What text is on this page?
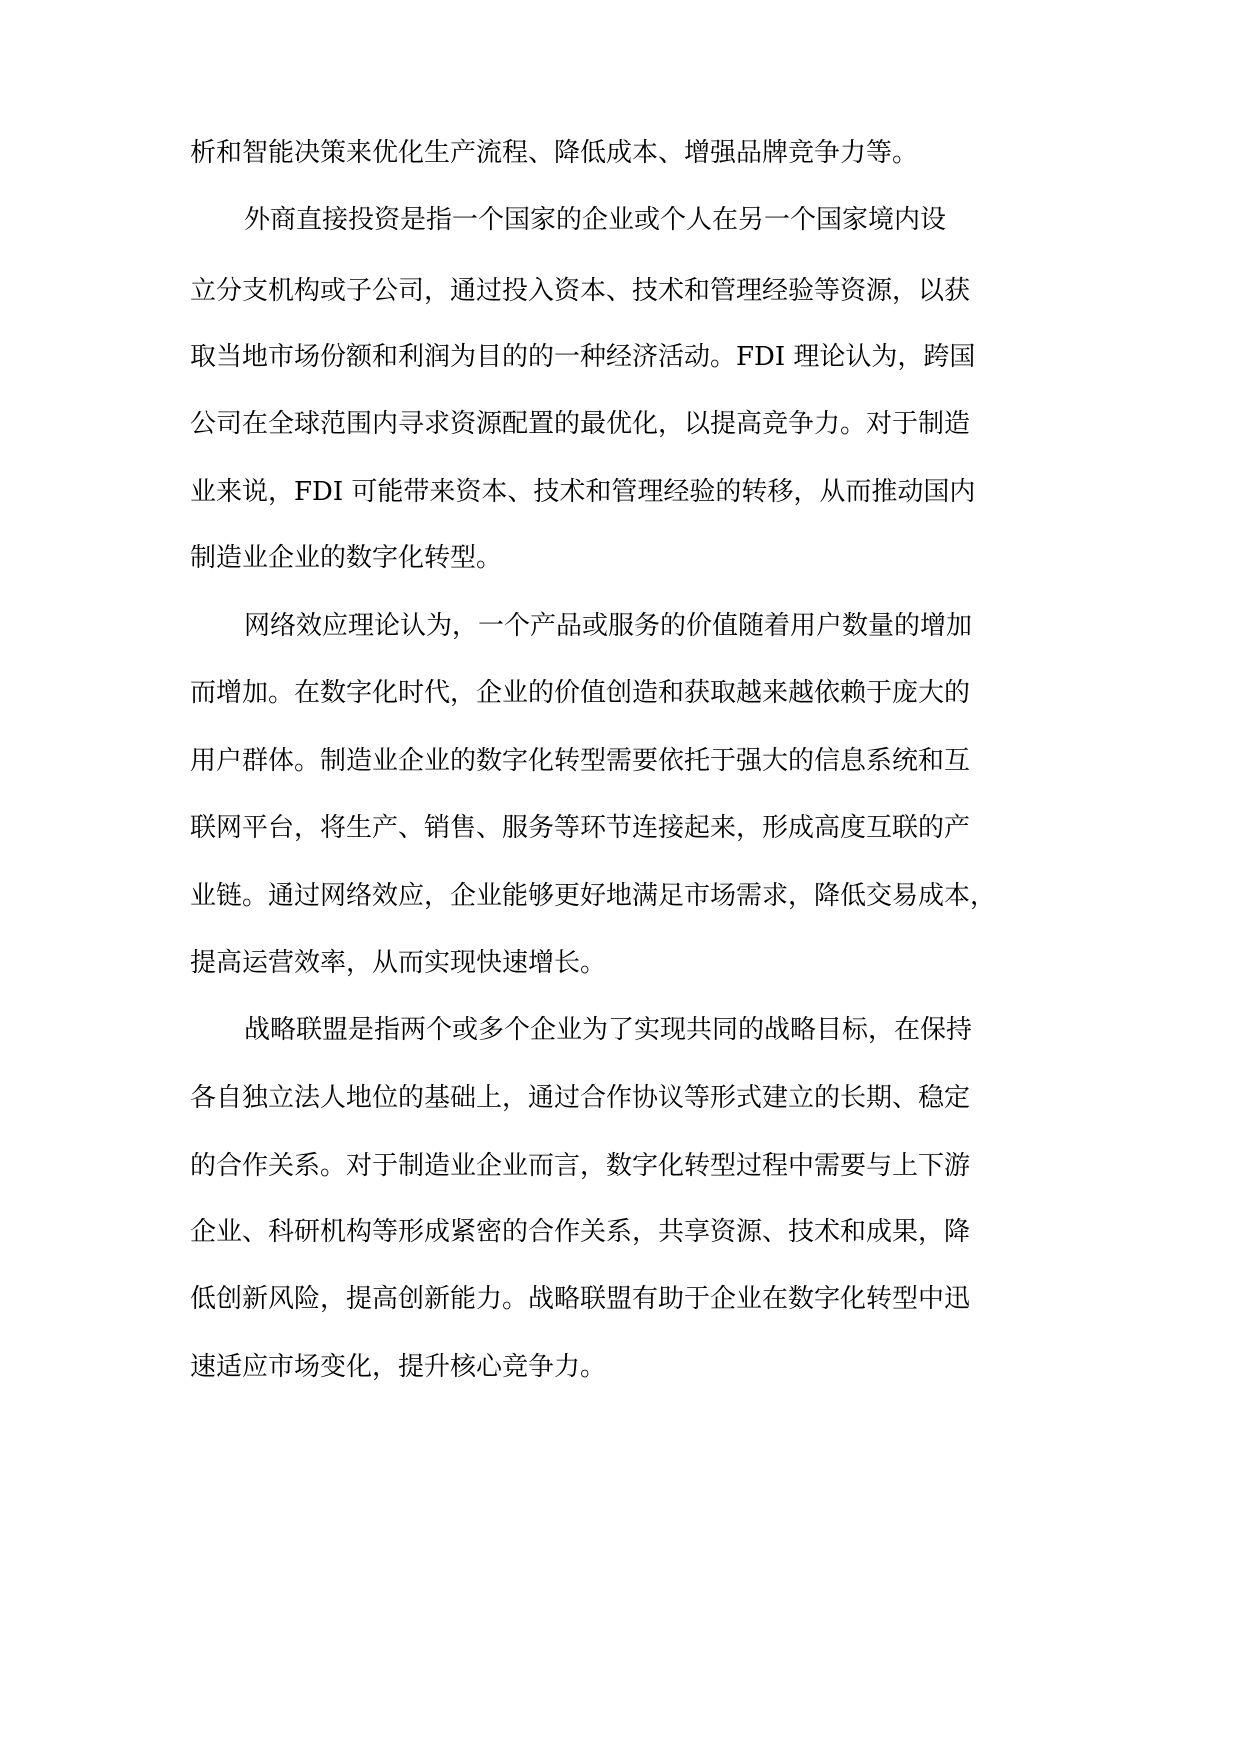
析和智能决策来优化生产流程、降低成本、增强品牌竞争力等。
外商直接投资是指一个国家的企业或个人在另一个国家境内设
立分支机构或子公司，通过投入资本、技术和管理经验等资源，以获
取当地市场份额和利润为目的的一种经济活动。FDI 理论认为，跨国
公司在全球范围内寻求资源配置的最优化，以提高竞争力。对于制造
业来说，FDI 可能带来资本、技术和管理经验的转移，从而推动国内
制造业企业的数字化转型。
网络效应理论认为，一个产品或服务的价值随着用户数量的增加
而增加。在数字化时代，企业的价值创造和获取越来越依赖于庞大的
用户群体。制造业企业的数字化转型需要依托于强大的信息系统和互
联网平台，将生产、销售、服务等环节连接起来，形成高度互联的产
业链。通过网络效应，企业能够更好地满足市场需求，降低交易成本，
提高运营效率，从而实现快速增长。
战略联盟是指两个或多个企业为了实现共同的战略目标，在保持
各自独立法人地位的基础上，通过合作协议等形式建立的长期、稳定
的合作关系。对于制造业企业而言，数字化转型过程中需要与上下游
企业、科研机构等形成紧密的合作关系，共享资源、技术和成果，降
低创新风险，提高创新能力。战略联盟有助于企业在数字化转型中迅
速适应市场变化，提升核心竞争力。
